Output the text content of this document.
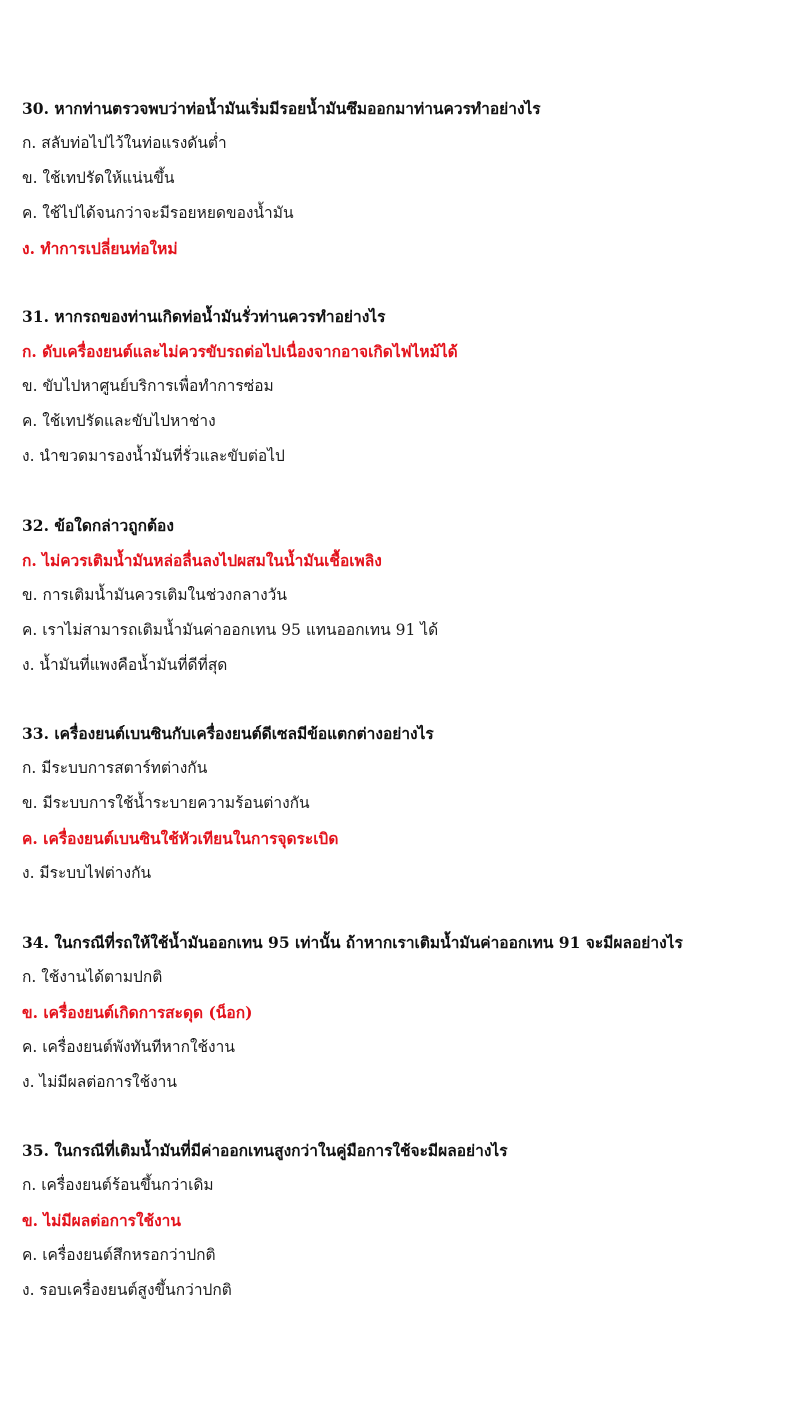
30. หากท่านตรวจพบว่าท่อน้ำมันเริ่มมีรอยน้ำมันซึมออกมาท่านควรทำอย่างไร
ก. สลับท่อไปไว้ในท่อแรงดันต่ำ
ข. ใช้เทปรัดให้แน่นขึ้น
ค. ใช้ไปได้จนกว่าจะมีรอยหยดของน้ำมัน
ง. ทำการเปลี่ยนท่อใหม่
31. หากรถของท่านเกิดท่อน้ำมันรั่วท่านควรทำอย่างไร
ก. ดับเครื่องยนต์และไม่ควรขับรถต่อไปเนื่องจากอาจเกิดไฟไหม้ได้
ข. ขับไปหาศูนย์บริการเพื่อทำการซ่อม
ค. ใช้เทปรัดและขับไปหาช่าง
ง. นำขวดมารองน้ำมันที่รั่วและขับต่อไป
32. ข้อใดกล่าวถูกต้อง
ก. ไม่ควรเติมน้ำมันหล่อลื่นลงไปผสมในน้ำมันเชื้อเพลิง
ข. การเติมน้ำมันควรเติมในช่วงกลางวัน
ค. เราไม่สามารถเติมน้ำมันค่าออกเทน 95 แทนออกเทน 91 ได้
ง. น้ำมันที่แพงคือน้ำมันที่ดีที่สุด
33. เครื่องยนต์เบนซินกับเครื่องยนต์ดีเซลมีข้อแตกต่างอย่างไร
ก. มีระบบการสตาร์ทต่างกัน
ข. มีระบบการใช้น้ำระบายความร้อนต่างกัน
ค. เครื่องยนต์เบนซินใช้หัวเทียนในการจุดระเบิด
ง. มีระบบไฟต่างกัน
34. ในกรณีที่รถให้ใช้น้ำมันออกเทน 95 เท่านั้น ถ้าหากเราเติมน้ำมันค่าออกเทน 91 จะมีผลอย่างไร
ก. ใช้งานได้ตามปกติ
ข. เครื่องยนต์เกิดการสะดุด (น็อก)
ค. เครื่องยนต์พังทันทีหากใช้งาน
ง. ไม่มีผลต่อการใช้งาน
35. ในกรณีที่เติมน้ำมันที่มีค่าออกเทนสูงกว่าในคู่มือการใช้จะมีผลอย่างไร
ก. เครื่องยนต์ร้อนขึ้นกว่าเดิม
ข. ไม่มีผลต่อการใช้งาน
ค. เครื่องยนต์สึกหรอกว่าปกติ
ง. รอบเครื่องยนต์สูงขึ้นกว่าปกติ
